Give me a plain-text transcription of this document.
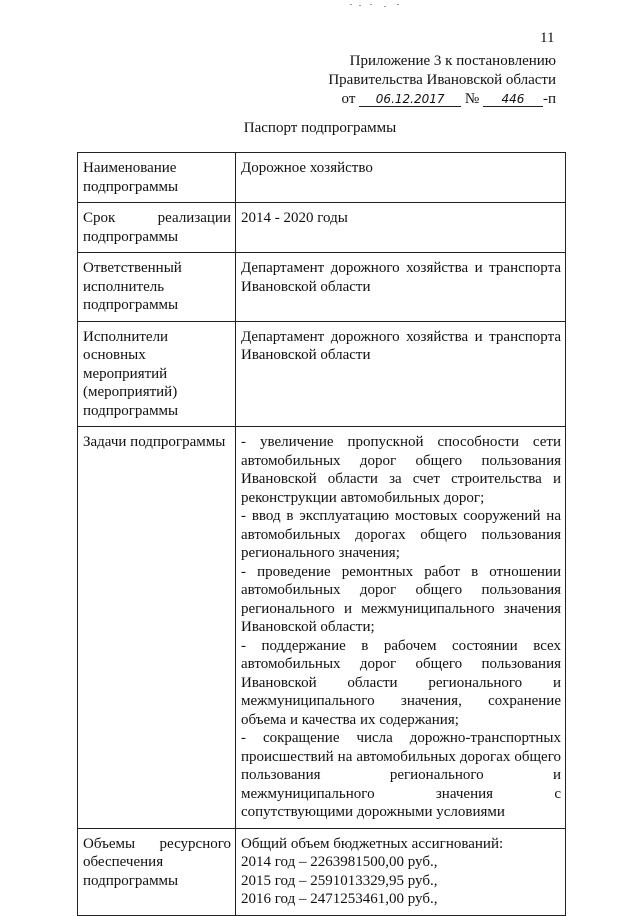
11
Приложение 3 к постановлению
Правительства Ивановской области
от 06.12.2017 № 446 -п
Паспорт подпрограммы
Наименование подпрограммы	Дорожное хозяйство
Срок реализации подпрограммы	2014 - 2020 годы
Ответственный исполнитель подпрограммы	Департамент дорожного хозяйства и транспорта Ивановской области
Исполнители основных мероприятий (мероприятий) подпрограммы	Департамент дорожного хозяйства и транспорта Ивановской области
Задачи подпрограммы	- увеличение пропускной способности сети автомобильных дорог общего пользования Ивановской области за счет строительства и реконструкции автомобильных дорог;
- ввод в эксплуатацию мостовых сооружений на автомобильных дорогах общего пользования регионального значения;
- проведение ремонтных работ в отношении автомобильных дорог общего пользования регионального и межмуниципального значения Ивановской области;
- поддержание в рабочем состоянии всех автомобильных дорог общего пользования Ивановской области регионального и межмуниципального значения, сохранение объема и качества их содержания;
- сокращение числа дорожно-транспортных происшествий на автомобильных дорогах общего пользования регионального и межмуниципального значения с сопутствующими дорожными условиями

Объемы ресурсного обеспечения подпрограммы	Общий объем бюджетных ассигнований:
2014 год – 2263981500,00 руб.,
2015 год – 2591013329,95 руб.,
2016 год – 2471253461,00 руб.,
